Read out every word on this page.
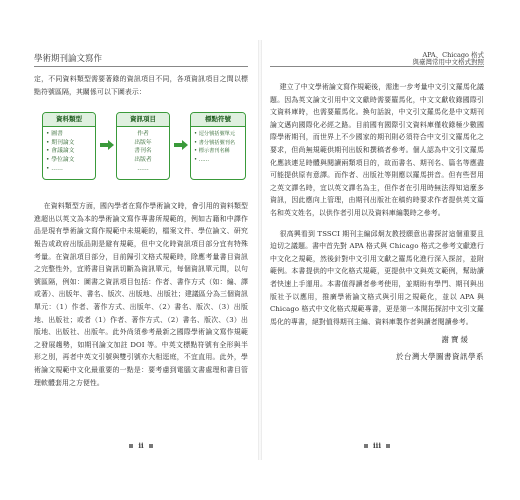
學術期刊論文寫作

定，不同資料類型需要著錄的資訊項目不同，各項資訊項目之間以標點符號區隔，其關係可以下圖表示：

資料類型
• 圖書
• 期刊論文
• 會議論文
• 學位論文
• ……
資訊項目
作者
出版年
書刊名
出版者
……
標點符號
• 逗分號括號單元
• 書分號括號刊名
• 標示書刊名稱
• ……

在資料類型方面，國內學者在寫作學術論文時，會引用的資料類型進超出以英文為本的學術論文寫作專書所規範的，例如古籍和中譯作品是現有學術論文寫作規範中未規範的，檔案文件、學位論文、研究報告或政府出版品則是避有規範，但中文化時資訊項目部分宜有特殊考量。在資訊項目部分，目前歸引文格式規範時，除應考量書目資訊之完整性外，宜將書目資訊切斷為資訊單元，每個資訊單元間，以句號區隔，例如：圖書之資訊項目包括：作者、書作方式（如：編、譯或著）、出版年、書名、版次、出版地、出版社；建議區分為三個資訊單元：（1）作者、著作方式、出版年、（2）書名、版次、（3）出版地、出版社；或者（1）作者、著作方式、（2）書名、版次、（3）出版地、出版社、出版年。此外尚須參考最新之國際學術論文寫作規範之發展趨勢，如期刊論文加註 DOI 等。中英文標點符號有全形與半形之別，再者中英文引號與雙引號亦大相逕庭，不宜直用。此外，學術論文規範中文化最重要的一點是：要考慮到電腦文書處理和書目管理軟體套用之方便性。

ii
APA、Chicago 格式
與臺灣常用中文格式對照

建立了中文學術論文寫作規範後，需進一步考量中文引文羅馬化議題。因為英文論文引用中文文獻時需要羅馬化，中文文獻收錄國際引文資料庫時，也需要羅馬化。換句話說，中文引文羅馬化是中文期刊論文邁向國際化必經之路。目前國有國際引文資料庫僅收錄極少數國際學術期刊，而世界上不少國家的期刊則必須符合中文引文羅馬化之要求，但尚無規範供期刊出版和撰稿者參考。個人認為中文引文羅馬化應該連足時體與閱讀兩類項目的，故而書名、期刊名、篇名等應盡可能提供原有意譯。而作者、出版社等則應以羅馬拼音。但有些習用之英文譯名時，宜以英文譯名為主，但作者在引用時無法得知這麼多資訊，因此應向上管理，由期刊出版社在稿約時要求作者提供英文篇名和英文姓名，以供作者引用以及資料庫編製時之參考。

很高興看到 TSSCI 期刊主編邱炯友教授願意出書探討這個重要且迫切之議題。書中首先對 APA 格式與 Chicago 格式之參考文獻進行中文化之規範，然後針對中文引用文獻之羅馬化進行深入探討，並附範例。本書提供的中文化格式規範，更提供中文與英文範例，幫助讀者快速上手運用。本書值得讀者參考使用，並期盼有學門、期刊與出版社予以應用，推廣學術論文格式與引用之規範化，並以 APA 與 Chicago 格式中文化格式規範專書，更是第一本開拓探討中文引文羅馬化的專書，絕對值得期刊主編、資料庫製作者與讀者閱讀參考。

謝寶煖
於台灣大學圖書資訊學系
iii
